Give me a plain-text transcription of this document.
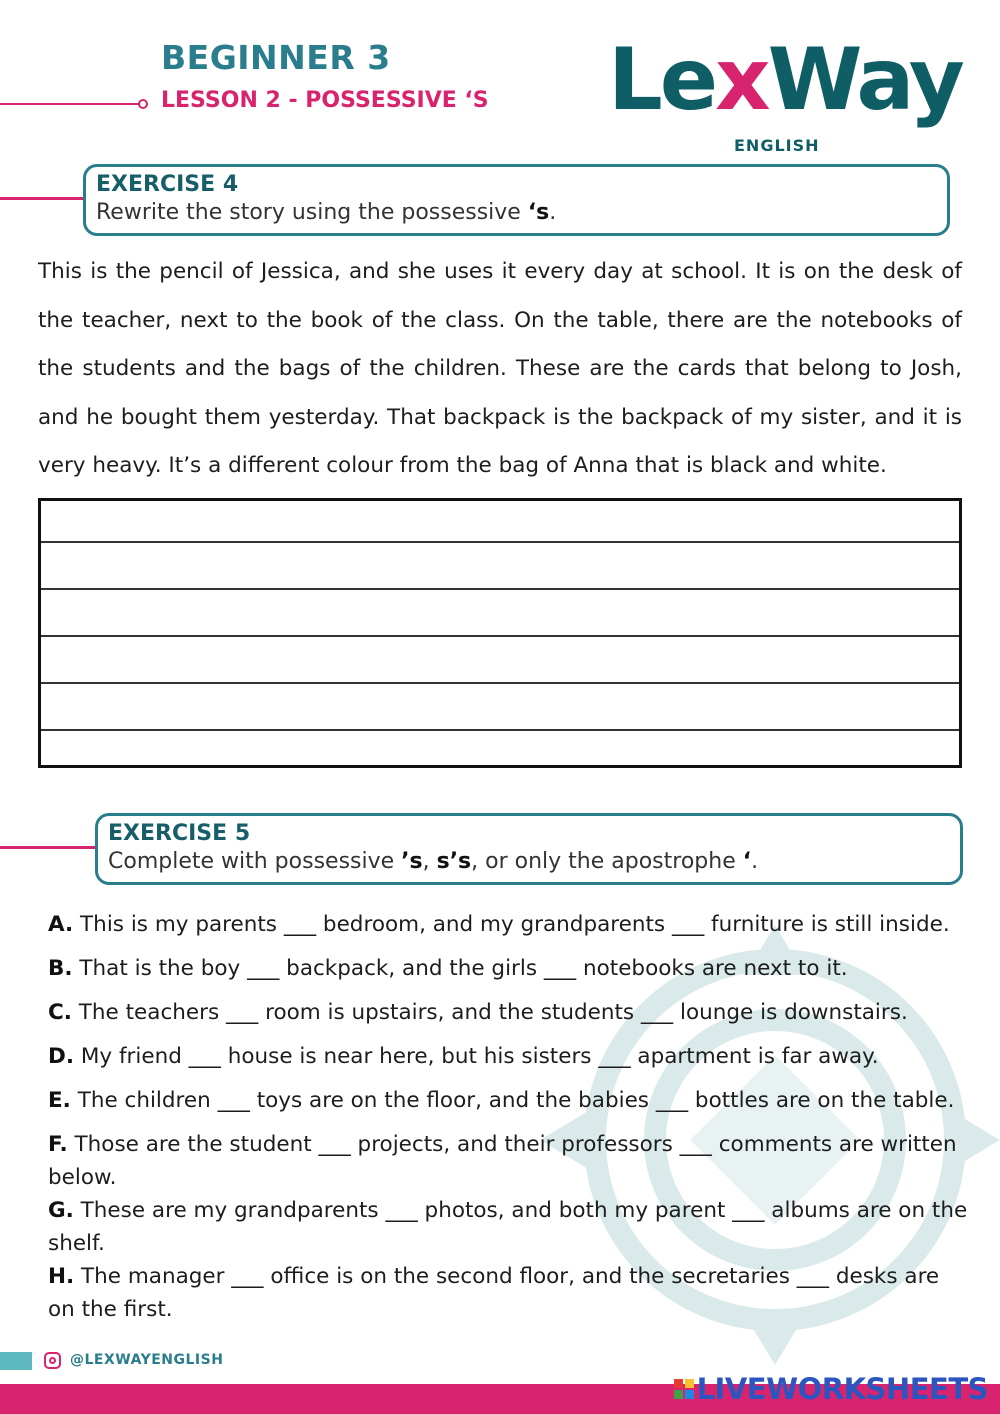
BEGINNER 3
LESSON 2 - POSSESSIVE ‘S LexWay
ENGLISH
EXERCISE 4
Rewrite the story using the possessive ‘s.
This is the pencil of Jessica, and she uses it every day at school. It is on the desk of the teacher, next to the book of the class. On the table, there are the notebooks of the students and the bags of the children. These are the cards that belong to Josh, and he bought them yesterday. That backpack is the backpack of my sister, and it is very heavy. It’s a different colour from the bag of Anna that is black and white.
EXERCISE 5
Complete with possessive ’s, s’s, or only the apostrophe ‘.
A. This is my parents ___ bedroom, and my grandparents ___ furniture is still inside.
B. That is the boy ___ backpack, and the girls ___ notebooks are next to it.
C. The teachers ___ room is upstairs, and the students ___ lounge is downstairs.
D. My friend ___ house is near here, but his sisters ___ apartment is far away.
E. The children ___ toys are on the floor, and the babies ___ bottles are on the table.
F. Those are the student ___ projects, and their professors ___ comments are written below.
G. These are my grandparents ___ photos, and both my parent ___ albums are on the shelf.
H. The manager ___ office is on the second floor, and the secretaries ___ desks are on the first.
@LEXWAYENGLISH
LIVEWORKSHEETS
